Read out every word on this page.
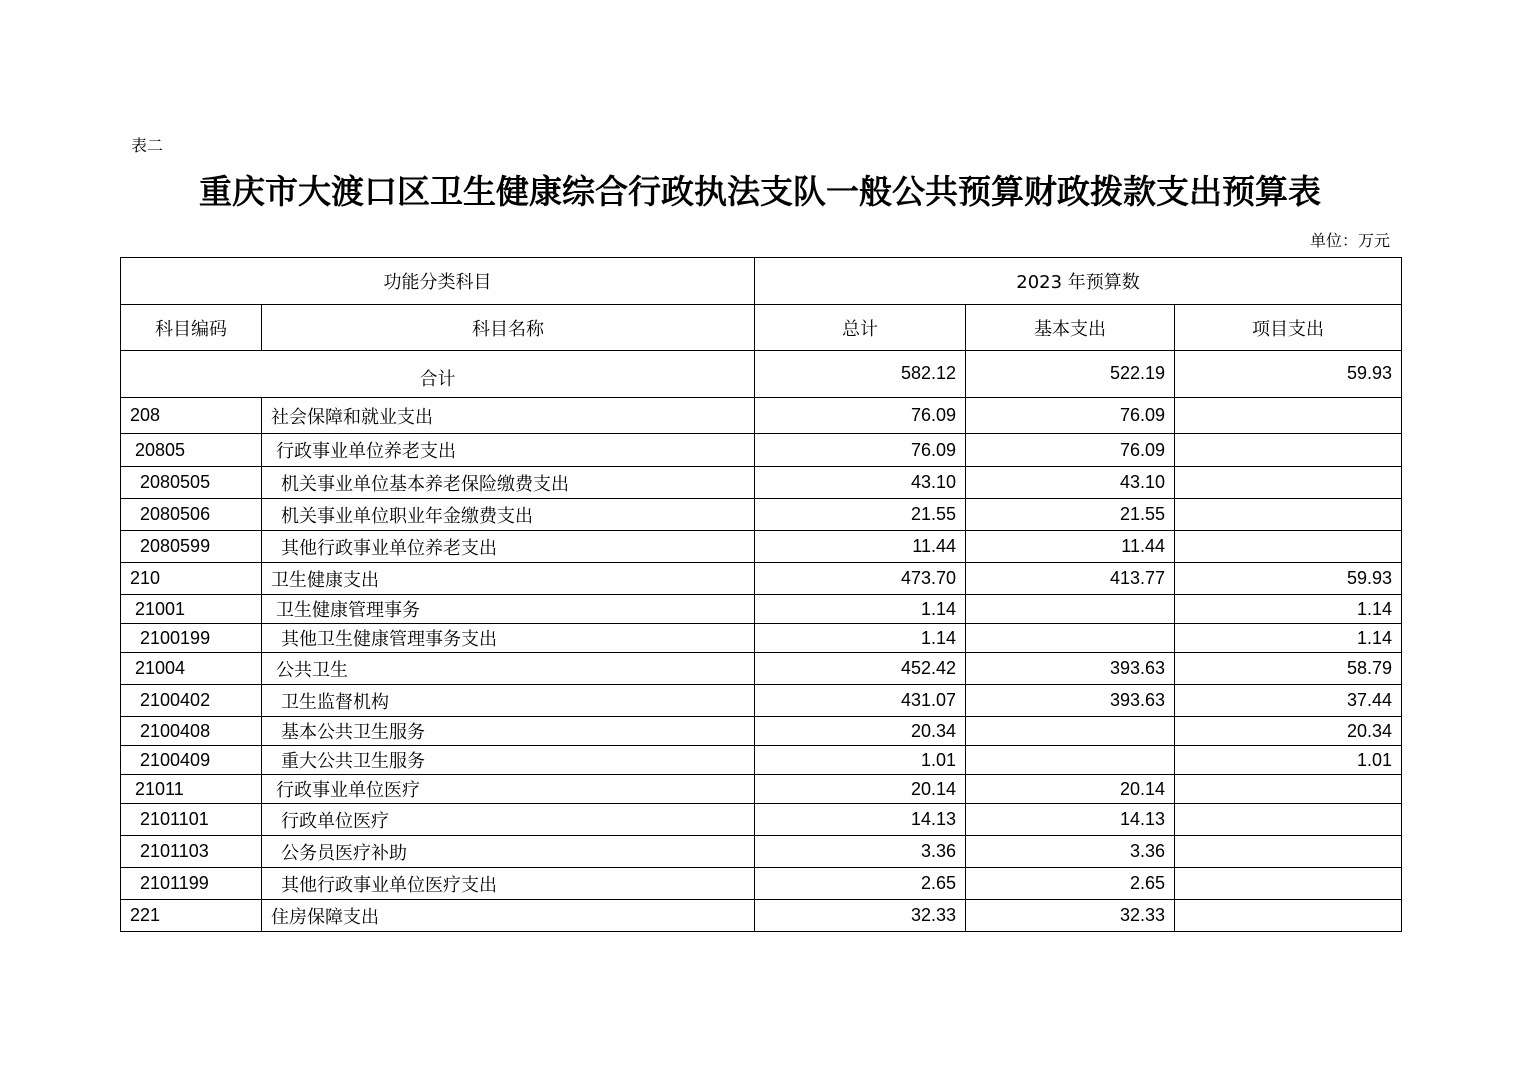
表二
重庆市大渡口区卫生健康综合行政执法支队一般公共预算财政拨款支出预算表
单位：万元
功能分类科目		2023 年预算数		
科目编码	科目名称	总计	基本支出	项目支出
合计		582.12	522.19	59.93
208	社会保障和就业支出	76.09	76.09	
20805	行政事业单位养老支出	76.09	76.09	
2080505	机关事业单位基本养老保险缴费支出	43.10	43.10	
2080506	机关事业单位职业年金缴费支出	21.55	21.55	
2080599	其他行政事业单位养老支出	11.44	11.44	
210	卫生健康支出	473.70	413.77	59.93
21001	卫生健康管理事务	1.14		1.14
2100199	其他卫生健康管理事务支出	1.14		1.14
21004	公共卫生	452.42	393.63	58.79
2100402	卫生监督机构	431.07	393.63	37.44
2100408	基本公共卫生服务	20.34		20.34
2100409	重大公共卫生服务	1.01		1.01
21011	行政事业单位医疗	20.14	20.14	
2101101	行政单位医疗	14.13	14.13	
2101103	公务员医疗补助	3.36	3.36	
2101199	其他行政事业单位医疗支出	2.65	2.65	
221	住房保障支出	32.33	32.33	
